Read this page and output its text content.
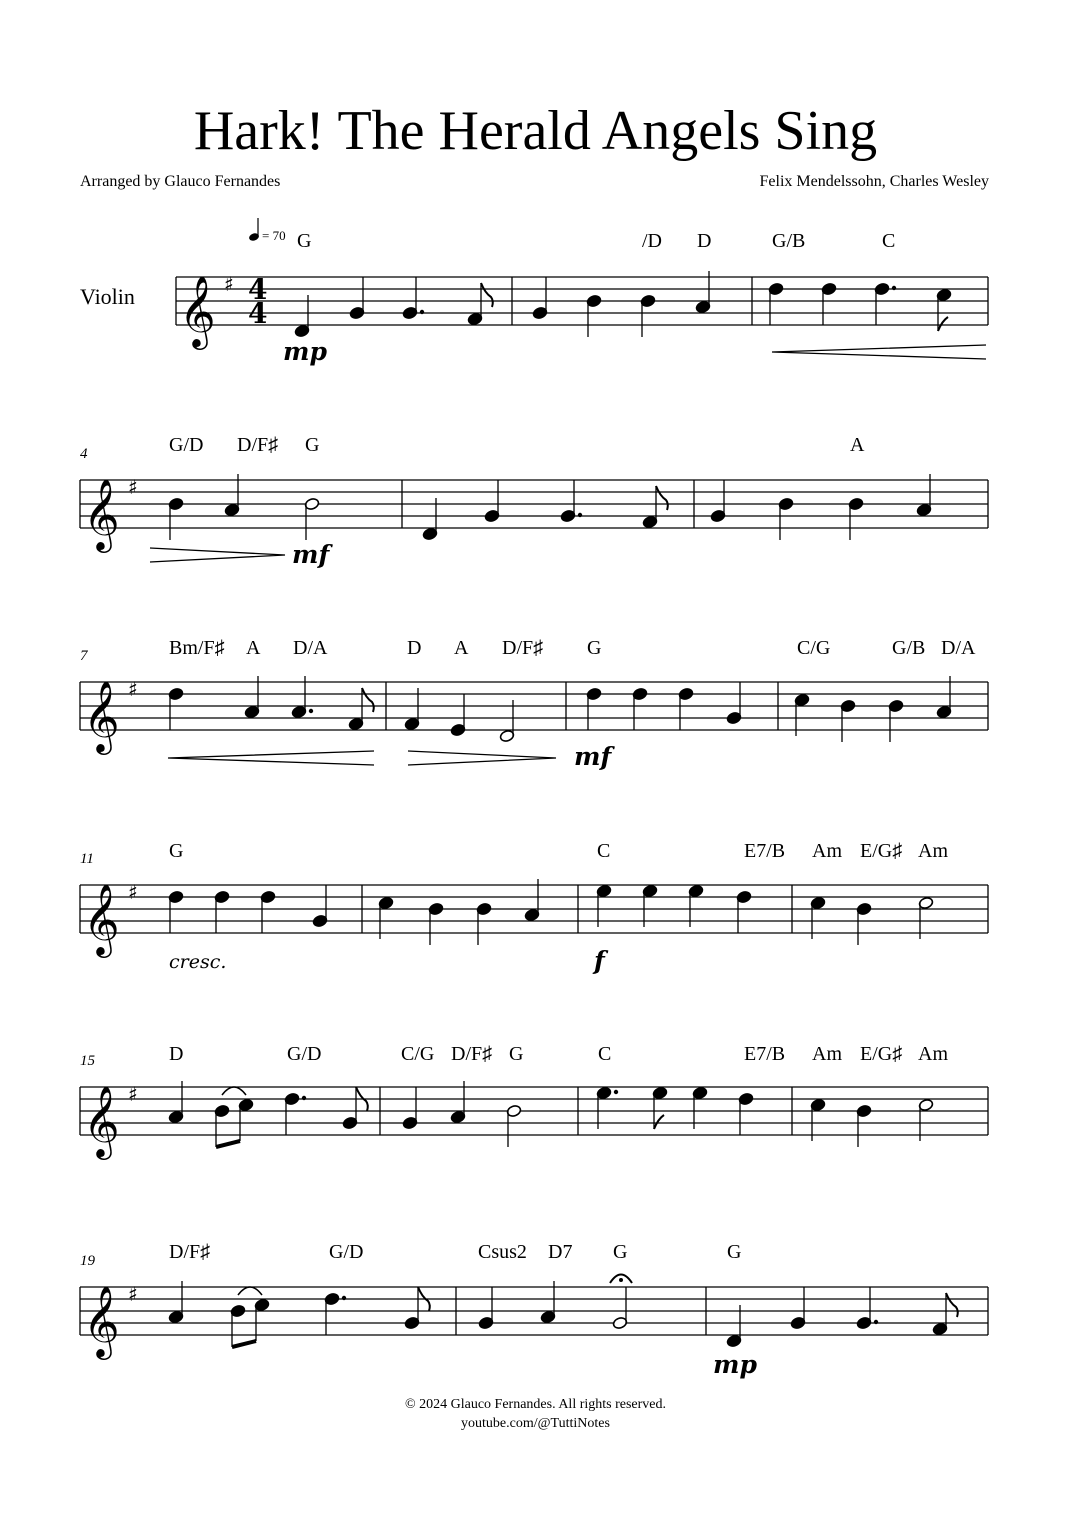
Hark! The Herald Angels Sing
Arranged by Glauco Fernandes	Felix Mendelssohn, Charles Wesley
Violin 𝄞 ♯ 4
4
𝄞 ♯
𝄞 ♯
𝄞 ♯
𝄞 ♯
𝄞 ♯
= 70 G	/D D	G/B	C
G/D D/F♯ G	A
Bm/F♯ A D/A	D A D/F♯ G	C/G	G/B D/A
G	C	E7/B Am E/G♯ Am
D	G/D	C/G D/F♯ G	C	E7/B Am E/G♯ Am
D/F♯	G/D	Csus2 D7 G	G
4
7
11
15
19
mp
mf
mf
cresc.	f
mp
© 2024 Glauco Fernandes. All rights reserved.
youtube.com/@TuttiNotes
